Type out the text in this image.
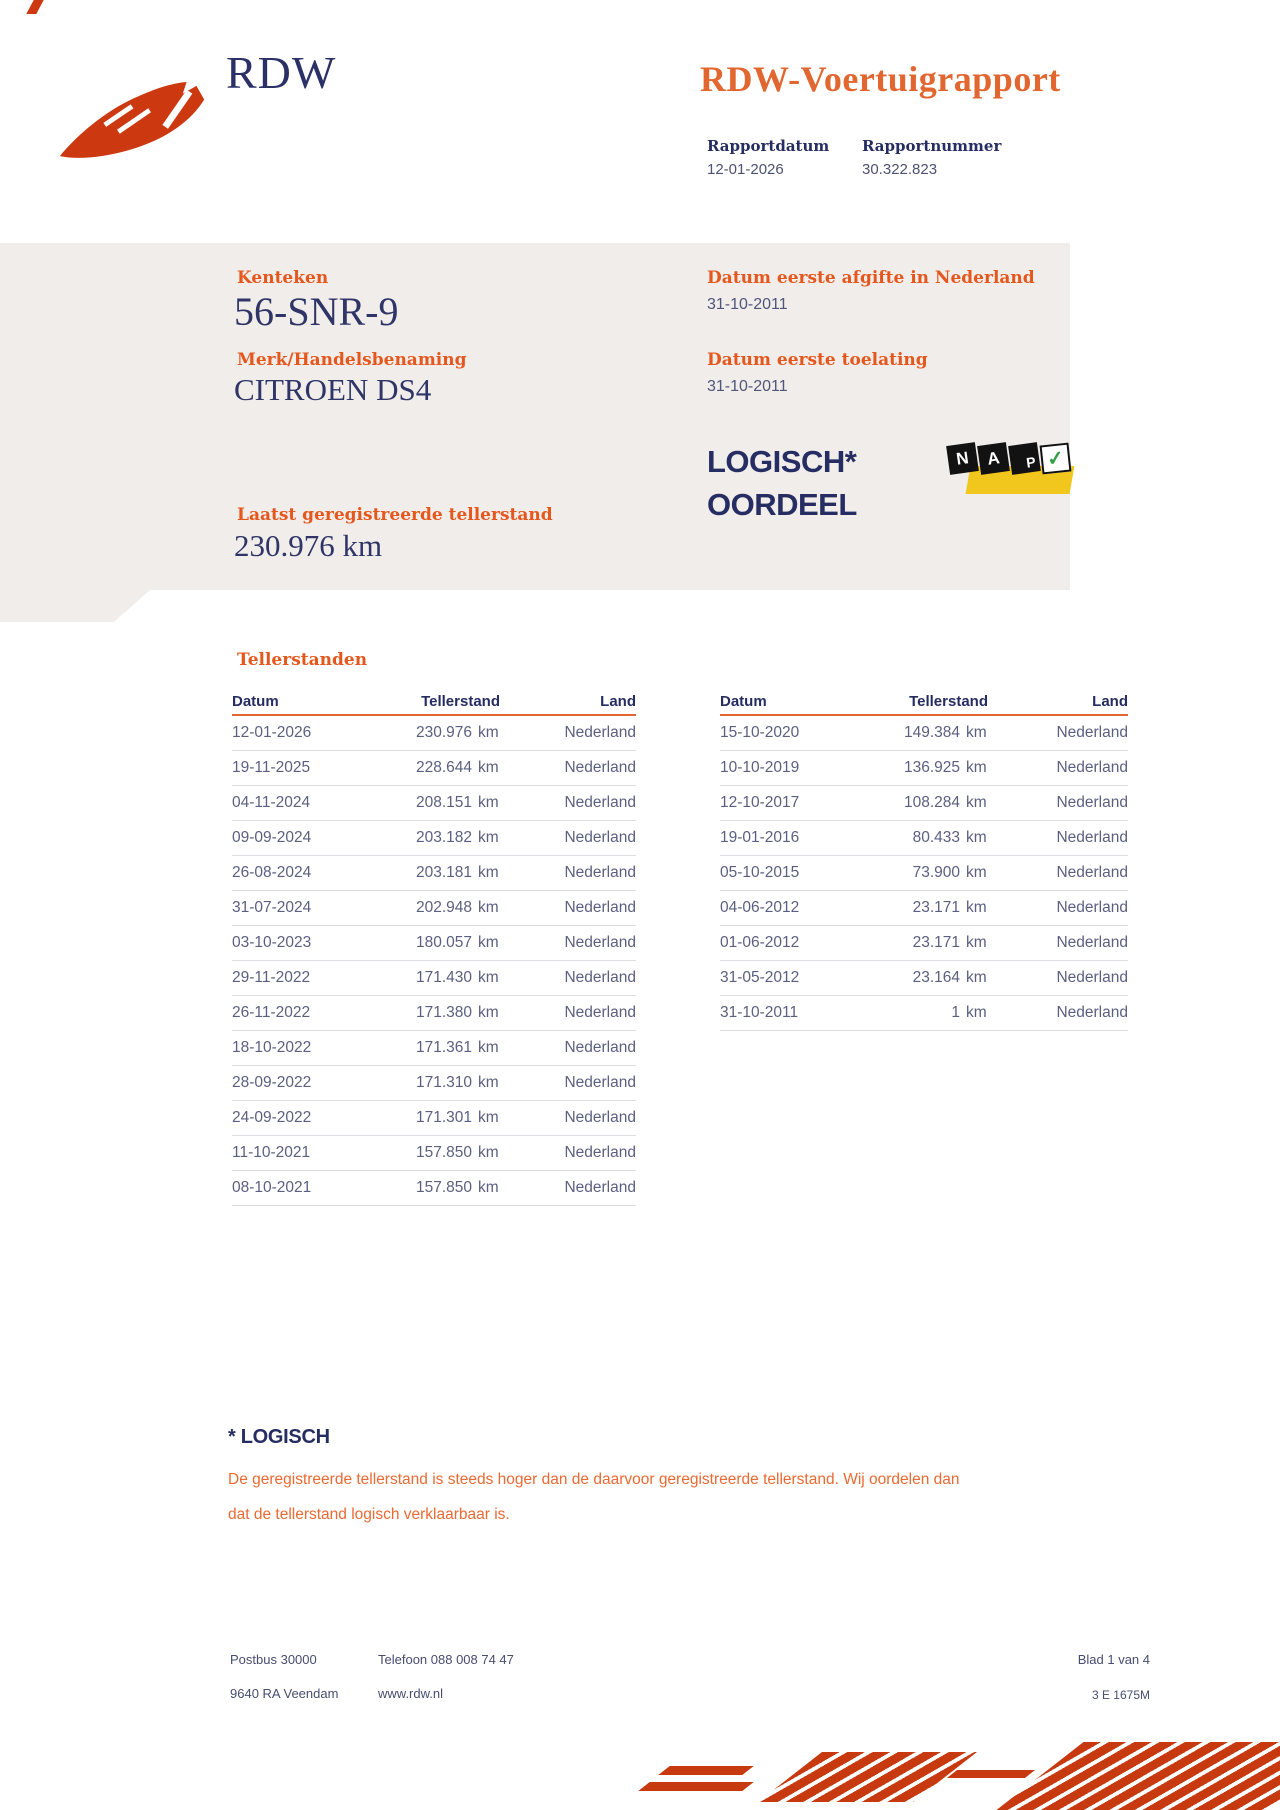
RDW	RDW-Voertuigrapport
Rapportdatum Rapportnummer
12-01-2026	30.322.823
Kenteken
56-SNR-9
Merk/Handelsbenaming
CITROEN DS4
Laatst geregistreerde tellerstand
230.976 km
Datum eerste afgifte in Nederland
31-10-2011
Datum eerste toelating
31-10-2011
LOGISCH*
OORDEEL
N A	P ✓
Tellerstanden
Datum	Tellerstand	Land
12-01-2026	230.976 km	Nederland
19-11-2025	228.644 km	Nederland
04-11-2024	208.151 km	Nederland
09-09-2024	203.182 km	Nederland
26-08-2024	203.181 km	Nederland
31-07-2024	202.948 km	Nederland
03-10-2023	180.057 km	Nederland
29-11-2022	171.430 km	Nederland
26-11-2022	171.380 km	Nederland
18-10-2022	171.361 km	Nederland
28-09-2022	171.310 km	Nederland
24-09-2022	171.301 km	Nederland
11-10-2021	157.850 km	Nederland
08-10-2021	157.850 km	Nederland
Datum	Tellerstand	Land
15-10-2020	149.384 km	Nederland
10-10-2019	136.925 km	Nederland
12-10-2017	108.284 km	Nederland
19-01-2016	80.433 km	Nederland
05-10-2015	73.900 km	Nederland
04-06-2012	23.171 km	Nederland
01-06-2012	23.171 km	Nederland
31-05-2012	23.164 km	Nederland
31-10-2011	1 km	Nederland
* LOGISCH
De geregistreerde tellerstand is steeds hoger dan de daarvoor geregistreerde tellerstand. Wij oordelen dan
dat de tellerstand logisch verklaarbaar is.
Postbus 30000
9640 RA Veendam
Telefoon 088 008 74 47
www.rdw.nl
Blad 1 van 4
3 E 1675M
